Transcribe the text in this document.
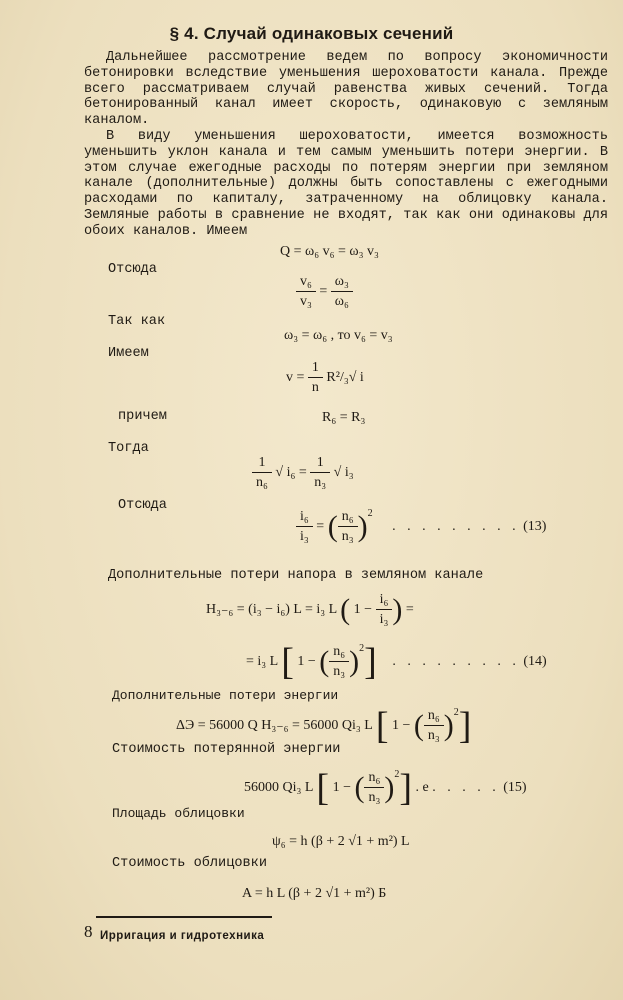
§ 4. Случай одинаковых сечений
Дальнейшее рассмотрение ведем по вопросу экономичности бетонировки вследствие уменьшения шероховатости канала. Прежде всего рассматриваем случай равенства живых сечений. Тогда бетонированный канал имеет скорость, одинаковую с земляным каналом.
В виду уменьшения шероховатости, имеется возможность уменьшить уклон канала и тем самым уменьшить потери энергии. В этом случае ежегодные расходы по потерям энергии при земляном канале (дополнительные) должны быть сопоставлены с ежегодными расходами по капиталу, затраченному на облицовку канала. Земляные работы в сравнение не входят, так как они одинаковы для обоих каналов. Имеем
Q = ω₆ v₆ = ω₃ v₃
Отсюда
$\frac{\text{v₆}}{\text{v₃}} = \frac{\text{ω₃}}{\text{ω₆}}$
Так как
ω₃ = ω₆ , то v₆ = v₃
Имеем
$v = \frac{1}{n} R^2/_3√$ i
причем	R₆ = R₃
Тогда
$\frac{1}{\text{n₆}}$ √ $i_6 = \frac{1}{\text{n₃}}$ √ i₃
Отсюда
$\frac{\text{i₆}}{\text{i₃}}$ = ( $\frac{\text{n₆}}{\text{n₃}} )^2$ . . . . . . . . . (13)
Дополнительные потери напора в земляном канале
H₃₋₆ = (i₃ − i₆) L = i₃ L ( $1 - \frac{\text{i₆}}{\text{i₃}}$ ) =
= i₃ L [ 1 − ( $\frac{\text{n₆}}{\text{n₃}} )^2$] . . . . . . . . . (14)
Дополнительные потери энергии
ΔЭ = 56000 Q H₃₋₆ = 56000 Qi₃ L [ 1 − ( $\frac{\text{n₆}}{\text{n₃}} )^2$]
Стоимость потерянной энергии
56000 Qi₃ L [ 1 − ( $\frac{\text{n₆}}{\text{n₃}} )^2$] . е . . . . . (15)
Площадь облицовки
ψ₆ = h (β + 2 √1 + m²) L
Стоимость облицовки
A = h L (β + 2 √1 + m²) Б
8 Ирригация и гидротехника
